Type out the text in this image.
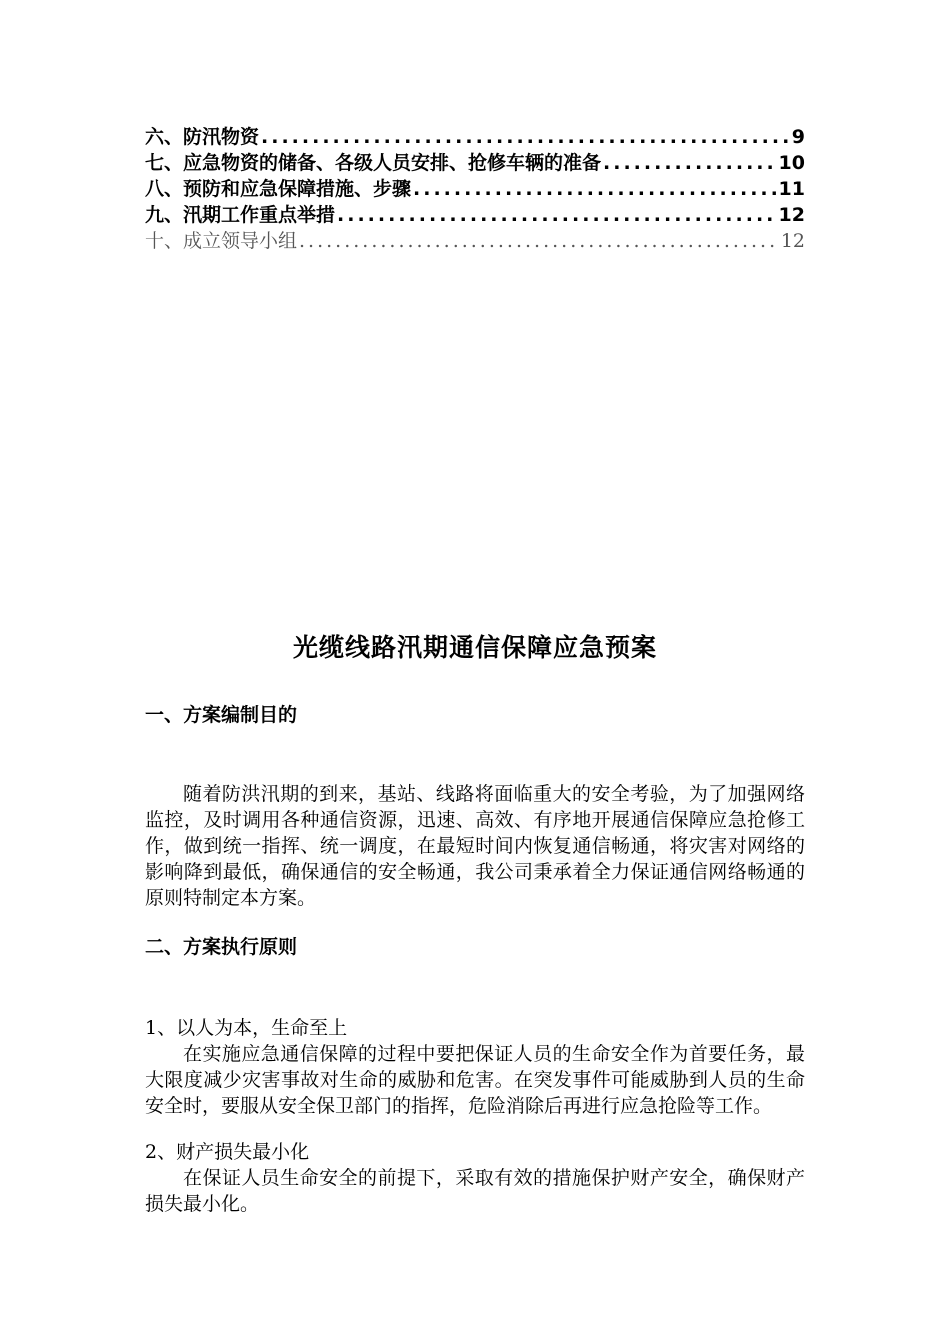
六、防汛物资 .....	9
七、应急物资的储备、各级人员安排、抢修车辆的准备 .....	10
八、预防和应急保障措施、步骤 .....	11
九、汛期工作重点举措 .....	12
十、成立领导小组 .....	12
光缆线路汛期通信保障应急预案
一、方案编制目的
随着防洪汛期的到来，基站、线路将面临重大的安全考验，为了加强网络监控，及时调用各种通信资源，迅速、高效、有序地开展通信保障应急抢修工作，做到统一指挥、统一调度，在最短时间内恢复通信畅通，将灾害对网络的影响降到最低，确保通信的安全畅通，我公司秉承着全力保证通信网络畅通的原则特制定本方案。
二、方案执行原则
1、以人为本，生命至上
在实施应急通信保障的过程中要把保证人员的生命安全作为首要任务，最大限度减少灾害事故对生命的威胁和危害。在突发事件可能威胁到人员的生命安全时，要服从安全保卫部门的指挥，危险消除后再进行应急抢险等工作。
2、财产损失最小化
在保证人员生命安全的前提下，采取有效的措施保护财产安全，确保财产损失最小化。
